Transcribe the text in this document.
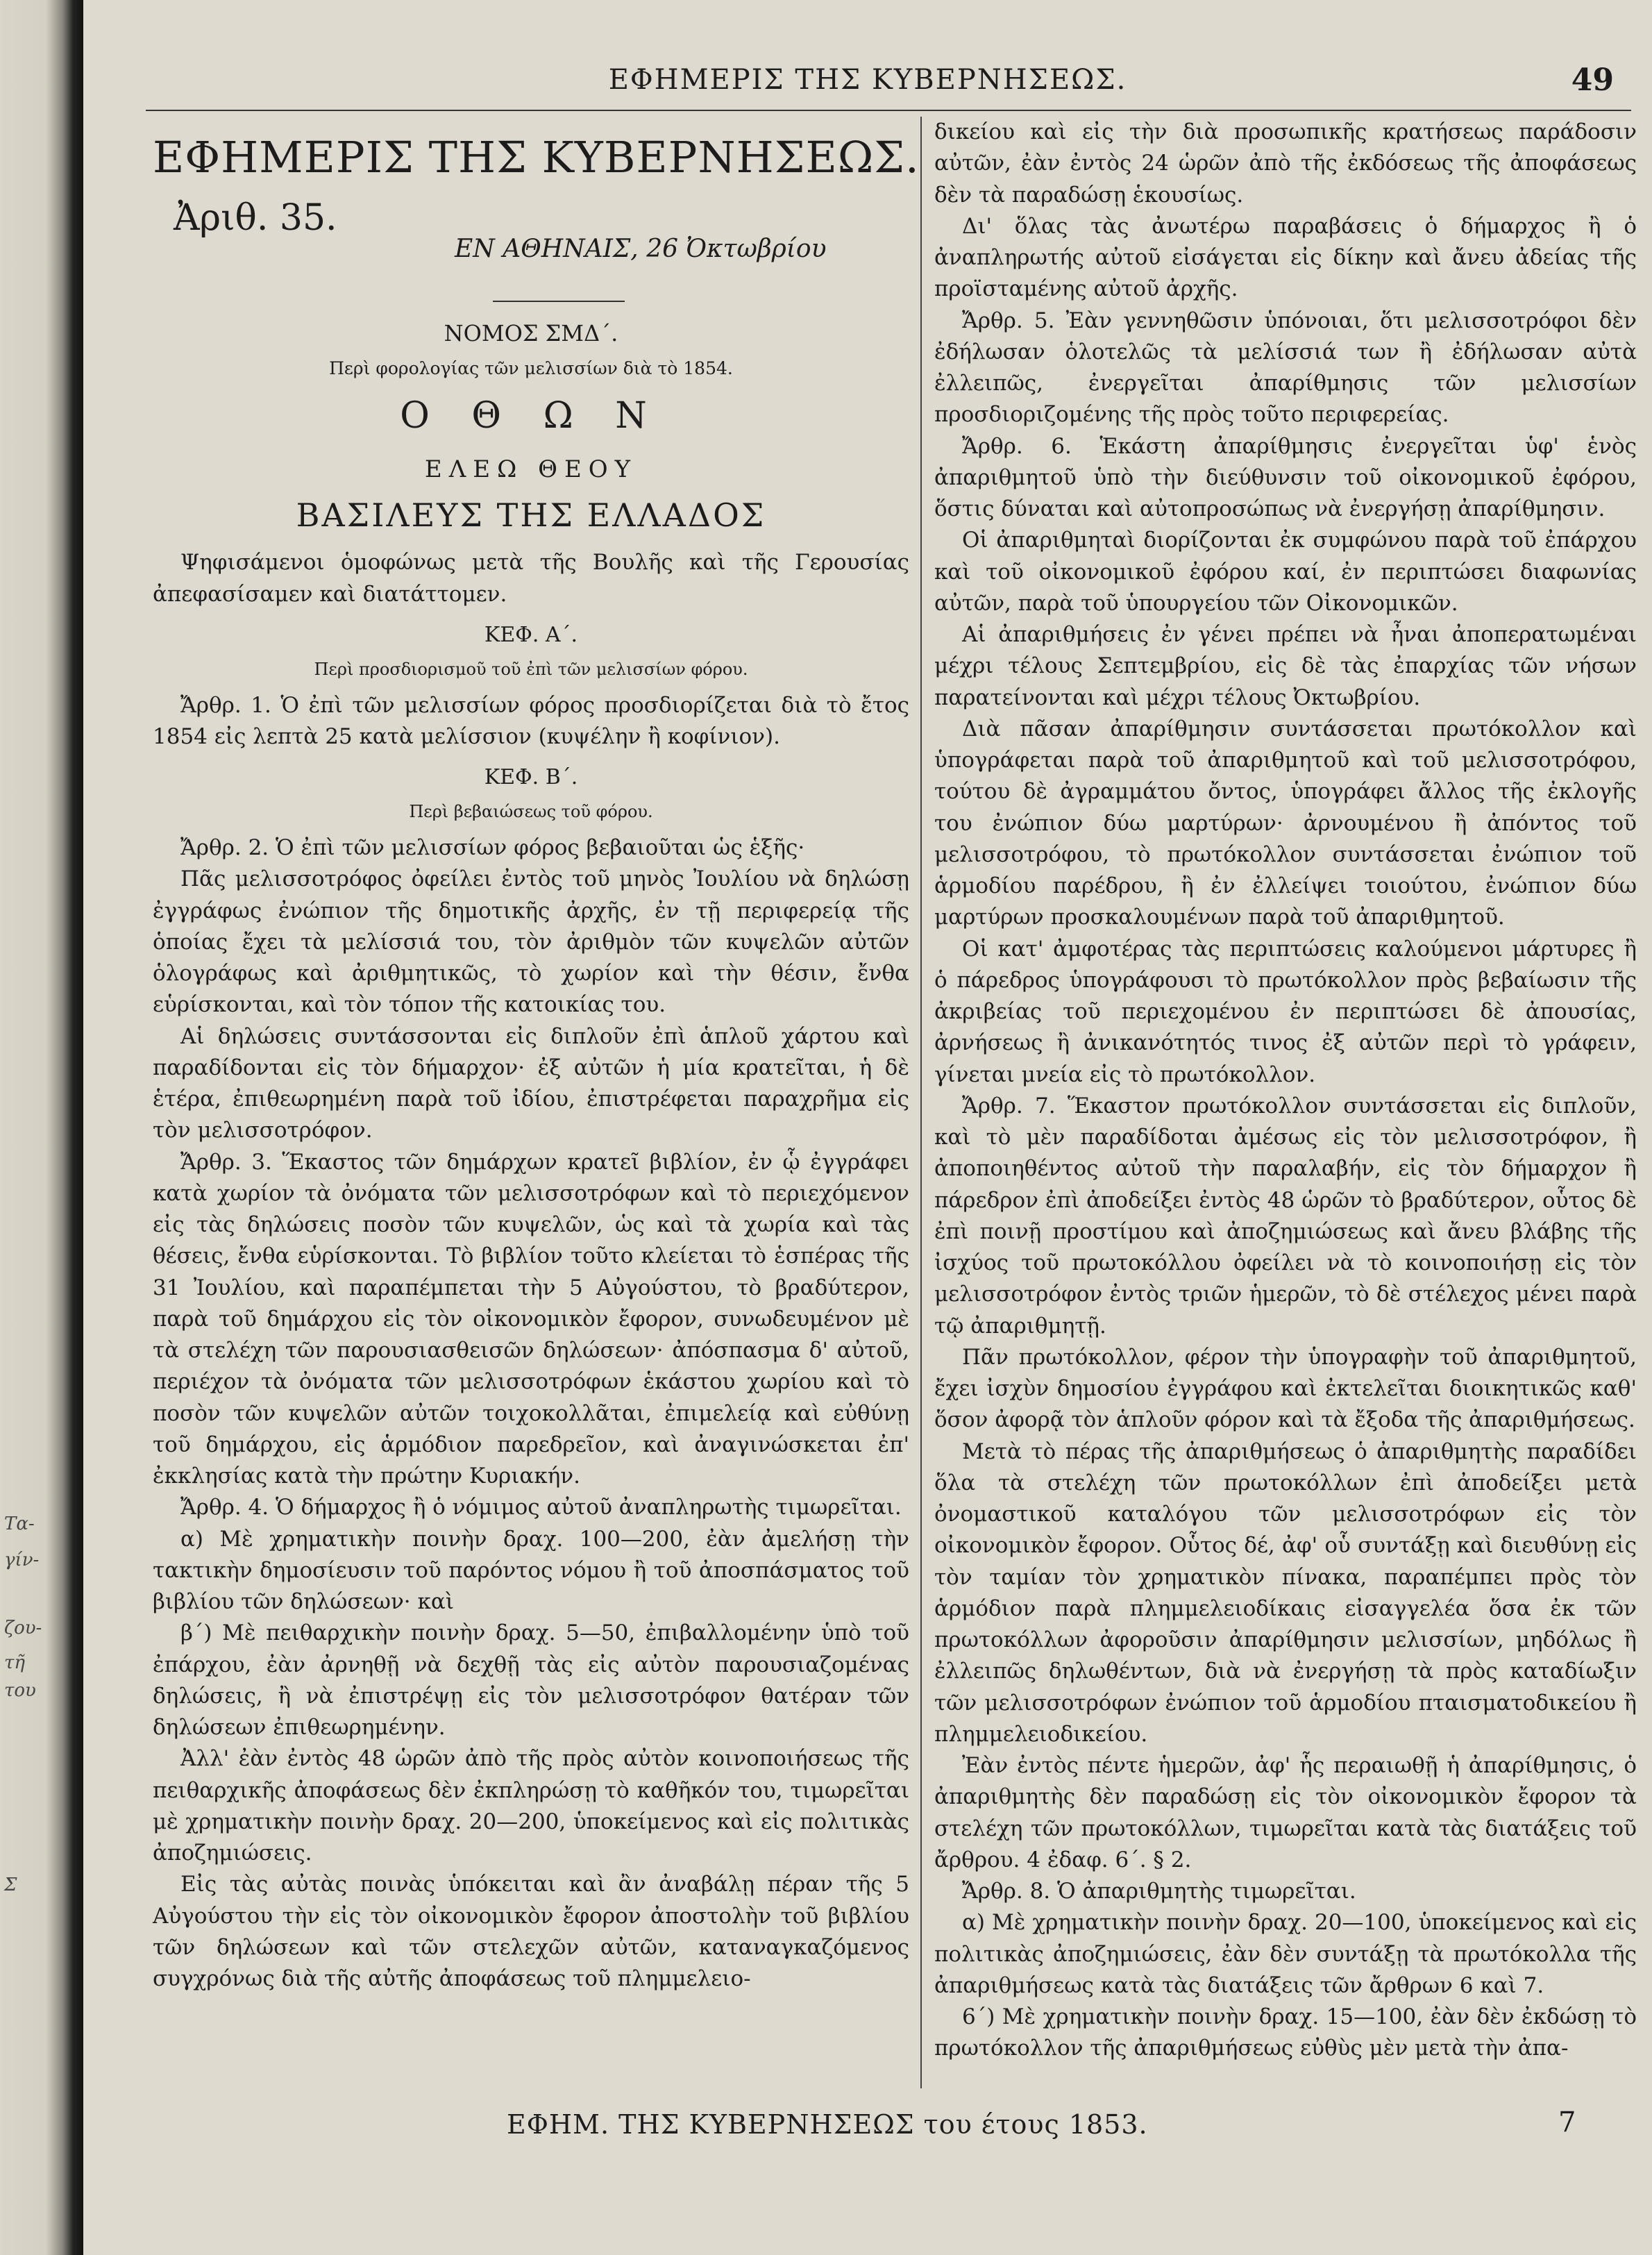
Τα-
γίν-
ζου-
τῆ
του
Σ
ΕΦΗΜΕΡΙΣ ΤΗΣ ΚΥΒΕΡΝΗΣΕΩΣ.	49
ΕΦΗΜΕΡΙΣ ΤΗΣ ΚΥΒΕΡΝΗΣΕΩΣ.
Ἀριθ. 35.
ΕΝ ΑΘΗΝΑΙΣ, 26 Ὀκτωβρίου
ΝΟΜΟΣ ΣΜΔ΄.
Περὶ φορολογίας τῶν μελισσίων διὰ τὸ 1854.
Ο Θ Ω Ν
ΕΛΕΩ ΘΕΟΥ
ΒΑΣΙΛΕΥΣ ΤΗΣ ΕΛΛΑΔΟΣ

Ψηφισάμενοι ὁμοφώνως μετὰ τῆς Βουλῆς καὶ τῆς Γερουσίας ἀπεφασίσαμεν καὶ διατάττομεν.

ΚΕΦ. Α΄.
Περὶ προσδιορισμοῦ τοῦ ἐπὶ τῶν μελισσίων φόρου.

Ἄρθρ. 1. Ὁ ἐπὶ τῶν μελισσίων φόρος προσδιορίζεται διὰ τὸ ἔτος 1854 εἰς λεπτὰ 25 κατὰ μελίσσιον (κυψέλην ἢ κοφίνιον).

ΚΕΦ. Β΄.
Περὶ βεβαιώσεως τοῦ φόρου.

Ἄρθρ. 2. Ὁ ἐπὶ τῶν μελισσίων φόρος βεβαιοῦται ὡς ἑξῆς·

Πᾶς μελισσοτρόφος ὀφείλει ἐντὸς τοῦ μηνὸς Ἰουλίου νὰ δηλώσῃ ἐγγράφως ἐνώπιον τῆς δημοτικῆς ἀρχῆς, ἐν τῇ περιφερείᾳ τῆς ὁποίας ἔχει τὰ μελίσσιά του, τὸν ἀριθμὸν τῶν κυψελῶν αὐτῶν ὁλογράφως καὶ ἀριθμητικῶς, τὸ χωρίον καὶ τὴν θέσιν, ἔνθα εὑρίσκονται, καὶ τὸν τόπον τῆς κατοικίας του.

Αἱ δηλώσεις συντάσσονται εἰς διπλοῦν ἐπὶ ἁπλοῦ χάρτου καὶ παραδίδονται εἰς τὸν δήμαρχον· ἐξ αὐτῶν ἡ μία κρατεῖται, ἡ δὲ ἑτέρα, ἐπιθεωρημένη παρὰ τοῦ ἰδίου, ἐπιστρέφεται παραχρῆμα εἰς τὸν μελισσοτρόφον.

Ἄρθρ. 3. Ἕκαστος τῶν δημάρχων κρατεῖ βιβλίον, ἐν ᾧ ἐγγράφει κατὰ χωρίον τὰ ὀνόματα τῶν μελισσοτρόφων καὶ τὸ περιεχόμενον εἰς τὰς δηλώσεις ποσὸν τῶν κυψελῶν, ὡς καὶ τὰ χωρία καὶ τὰς θέσεις, ἔνθα εὑρίσκονται. Τὸ βιβλίον τοῦτο κλείεται τὸ ἑσπέρας τῆς 31 Ἰουλίου, καὶ παραπέμπεται τὴν 5 Αὐγούστου, τὸ βραδύτερον, παρὰ τοῦ δημάρχου εἰς τὸν οἰκονομικὸν ἔφορον, συνωδευμένον μὲ τὰ στελέχη τῶν παρουσιασθεισῶν δηλώσεων· ἀπόσπασμα δ' αὐτοῦ, περιέχον τὰ ὀνόματα τῶν μελισσοτρόφων ἑκάστου χωρίου καὶ τὸ ποσὸν τῶν κυψελῶν αὐτῶν τοιχοκολλᾶται, ἐπιμελείᾳ καὶ εὐθύνῃ τοῦ δημάρχου, εἰς ἁρμόδιον παρεδρεῖον, καὶ ἀναγινώσκεται ἐπ' ἐκκλησίας κατὰ τὴν πρώτην Κυριακήν.

Ἄρθρ. 4. Ὁ δήμαρχος ἢ ὁ νόμιμος αὐτοῦ ἀναπληρωτὴς τιμωρεῖται.

α) Μὲ χρηματικὴν ποινὴν δραχ. 100—200, ἐὰν ἀμελήσῃ τὴν τακτικὴν δημοσίευσιν τοῦ παρόντος νόμου ἢ τοῦ ἀποσπάσματος τοῦ βιβλίου τῶν δηλώσεων· καὶ

β΄) Μὲ πειθαρχικὴν ποινὴν δραχ. 5—50, ἐπιβαλλομένην ὑπὸ τοῦ ἐπάρχου, ἐὰν ἀρνηθῇ νὰ δεχθῇ τὰς εἰς αὐτὸν παρουσιαζομένας δηλώσεις, ἢ νὰ ἐπιστρέψῃ εἰς τὸν μελισσοτρόφον θατέραν τῶν δηλώσεων ἐπιθεωρημένην.

Ἀλλ' ἐὰν ἐντὸς 48 ὡρῶν ἀπὸ τῆς πρὸς αὐτὸν κοινοποιήσεως τῆς πειθαρχικῆς ἀποφάσεως δὲν ἐκπληρώσῃ τὸ καθῆκόν του, τιμωρεῖται μὲ χρηματικὴν ποινὴν δραχ. 20—200, ὑποκείμενος καὶ εἰς πολιτικὰς ἀποζημιώσεις.

Εἰς τὰς αὐτὰς ποινὰς ὑπόκειται καὶ ἂν ἀναβάλῃ πέραν τῆς 5 Αὐγούστου τὴν εἰς τὸν οἰκονομικὸν ἔφορον ἀποστολὴν τοῦ βιβλίου τῶν δηλώσεων καὶ τῶν στελεχῶν αὐτῶν, καταναγκαζόμενος συγχρόνως διὰ τῆς αὐτῆς ἀποφάσεως τοῦ πλημμελειο-

δικείου καὶ εἰς τὴν διὰ προσωπικῆς κρατήσεως παράδοσιν αὐτῶν, ἐὰν ἐντὸς 24 ὡρῶν ἀπὸ τῆς ἐκδόσεως τῆς ἀποφάσεως δὲν τὰ παραδώσῃ ἑκουσίως.

Δι' ὅλας τὰς ἀνωτέρω παραβάσεις ὁ δήμαρχος ἢ ὁ ἀναπληρωτής αὐτοῦ εἰσάγεται εἰς δίκην καὶ ἄνευ ἀδείας τῆς προϊσταμένης αὐτοῦ ἀρχῆς.

Ἄρθρ. 5. Ἐὰν γεννηθῶσιν ὑπόνοιαι, ὅτι μελισσοτρόφοι δὲν ἐδήλωσαν ὁλοτελῶς τὰ μελίσσιά των ἢ ἐδήλωσαν αὐτὰ ἐλλειπῶς, ἐνεργεῖται ἀπαρίθμησις τῶν μελισσίων προσδιοριζομένης τῆς πρὸς τοῦτο περιφερείας.

Ἄρθρ. 6. Ἑκάστη ἀπαρίθμησις ἐνεργεῖται ὑφ' ἑνὸς ἀπαριθμητοῦ ὑπὸ τὴν διεύθυνσιν τοῦ οἰκονομικοῦ ἐφόρου, ὅστις δύναται καὶ αὐτοπροσώπως νὰ ἐνεργήσῃ ἀπαρίθμησιν.

Οἱ ἀπαριθμηταὶ διορίζονται ἐκ συμφώνου παρὰ τοῦ ἐπάρχου καὶ τοῦ οἰκονομικοῦ ἐφόρου καί, ἐν περιπτώσει διαφωνίας αὐτῶν, παρὰ τοῦ ὑπουργείου τῶν Οἰκονομικῶν.

Αἱ ἀπαριθμήσεις ἐν γένει πρέπει νὰ ἦναι ἀποπερατωμέναι μέχρι τέλους Σεπτεμβρίου, εἰς δὲ τὰς ἐπαρχίας τῶν νήσων παρατείνονται καὶ μέχρι τέλους Ὀκτωβρίου.

Διὰ πᾶσαν ἀπαρίθμησιν συντάσσεται πρωτόκολλον καὶ ὑπογράφεται παρὰ τοῦ ἀπαριθμητοῦ καὶ τοῦ μελισσοτρόφου, τούτου δὲ ἀγραμμάτου ὄντος, ὑπογράφει ἄλλος τῆς ἐκλογῆς του ἐνώπιον δύω μαρτύρων· ἀρνουμένου ἢ ἀπόντος τοῦ μελισσοτρόφου, τὸ πρωτόκολλον συντάσσεται ἐνώπιον τοῦ ἁρμοδίου παρέδρου, ἢ ἐν ἐλλείψει τοιούτου, ἐνώπιον δύω μαρτύρων προσκαλουμένων παρὰ τοῦ ἀπαριθμητοῦ.

Οἱ κατ' ἀμφοτέρας τὰς περιπτώσεις καλούμενοι μάρτυρες ἢ ὁ πάρεδρος ὑπογράφουσι τὸ πρωτόκολλον πρὸς βεβαίωσιν τῆς ἀκριβείας τοῦ περιεχομένου ἐν περιπτώσει δὲ ἀπουσίας, ἀρνήσεως ἢ ἀνικανότητός τινος ἐξ αὐτῶν περὶ τὸ γράφειν, γίνεται μνεία εἰς τὸ πρωτόκολλον.

Ἄρθρ. 7. Ἕκαστον πρωτόκολλον συντάσσεται εἰς διπλοῦν, καὶ τὸ μὲν παραδίδοται ἀμέσως εἰς τὸν μελισσοτρόφον, ἢ ἀποποιηθέντος αὐτοῦ τὴν παραλαβήν, εἰς τὸν δήμαρχον ἢ πάρεδρον ἐπὶ ἀποδείξει ἐντὸς 48 ὡρῶν τὸ βραδύτερον, οὗτος δὲ ἐπὶ ποινῇ προστίμου καὶ ἀποζημιώσεως καὶ ἄνευ βλάβης τῆς ἰσχύος τοῦ πρωτοκόλλου ὀφείλει νὰ τὸ κοινοποιήσῃ εἰς τὸν μελισσοτρόφον ἐντὸς τριῶν ἡμερῶν, τὸ δὲ στέλεχος μένει παρὰ τῷ ἀπαριθμητῇ.

Πᾶν πρωτόκολλον, φέρον τὴν ὑπογραφὴν τοῦ ἀπαριθμητοῦ, ἔχει ἰσχὺν δημοσίου ἐγγράφου καὶ ἐκτελεῖται διοικητικῶς καθ' ὅσον ἀφορᾷ τὸν ἁπλοῦν φόρον καὶ τὰ ἔξοδα τῆς ἀπαριθμήσεως.

Μετὰ τὸ πέρας τῆς ἀπαριθμήσεως ὁ ἀπαριθμητὴς παραδίδει ὅλα τὰ στελέχη τῶν πρωτοκόλλων ἐπὶ ἀποδείξει μετὰ ὀνομαστικοῦ καταλόγου τῶν μελισσοτρόφων εἰς τὸν οἰκονομικὸν ἔφορον. Οὗτος δέ, ἀφ' οὗ συντάξῃ καὶ διευθύνῃ εἰς τὸν ταμίαν τὸν χρηματικὸν πίνακα, παραπέμπει πρὸς τὸν ἁρμόδιον παρὰ πλημμελειοδίκαις εἰσαγγελέα ὅσα ἐκ τῶν πρωτοκόλλων ἀφοροῦσιν ἀπαρίθμησιν μελισσίων, μηδόλως ἢ ἐλλειπῶς δηλωθέντων, διὰ νὰ ἐνεργήσῃ τὰ πρὸς καταδίωξιν τῶν μελισσοτρόφων ἐνώπιον τοῦ ἁρμοδίου πταισματοδικείου ἢ πλημμελειοδικείου.

Ἐὰν ἐντὸς πέντε ἡμερῶν, ἀφ' ἧς περαιωθῇ ἡ ἀπαρίθμησις, ὁ ἀπαριθμητὴς δὲν παραδώσῃ εἰς τὸν οἰκονομικὸν ἔφορον τὰ στελέχη τῶν πρωτοκόλλων, τιμωρεῖται κατὰ τὰς διατάξεις τοῦ ἄρθρου. 4 ἐδαφ. 6΄. § 2.

Ἄρθρ. 8. Ὁ ἀπαριθμητὴς τιμωρεῖται.

α) Μὲ χρηματικὴν ποινὴν δραχ. 20—100, ὑποκείμενος καὶ εἰς πολιτικὰς ἀποζημιώσεις, ἐὰν δὲν συντάξῃ τὰ πρωτόκολλα τῆς ἀπαριθμήσεως κατὰ τὰς διατάξεις τῶν ἄρθρων 6 καὶ 7.

6΄) Μὲ χρηματικὴν ποινὴν δραχ. 15—100, ἐὰν δὲν ἐκδώσῃ τὸ πρωτόκολλον τῆς ἀπαριθμήσεως εὐθὺς μὲν μετὰ τὴν ἀπα-

ΕΦΗΜ. ΤΗΣ ΚΥΒΕΡΝΗΣΕΩΣ του έτους 1853.	7
